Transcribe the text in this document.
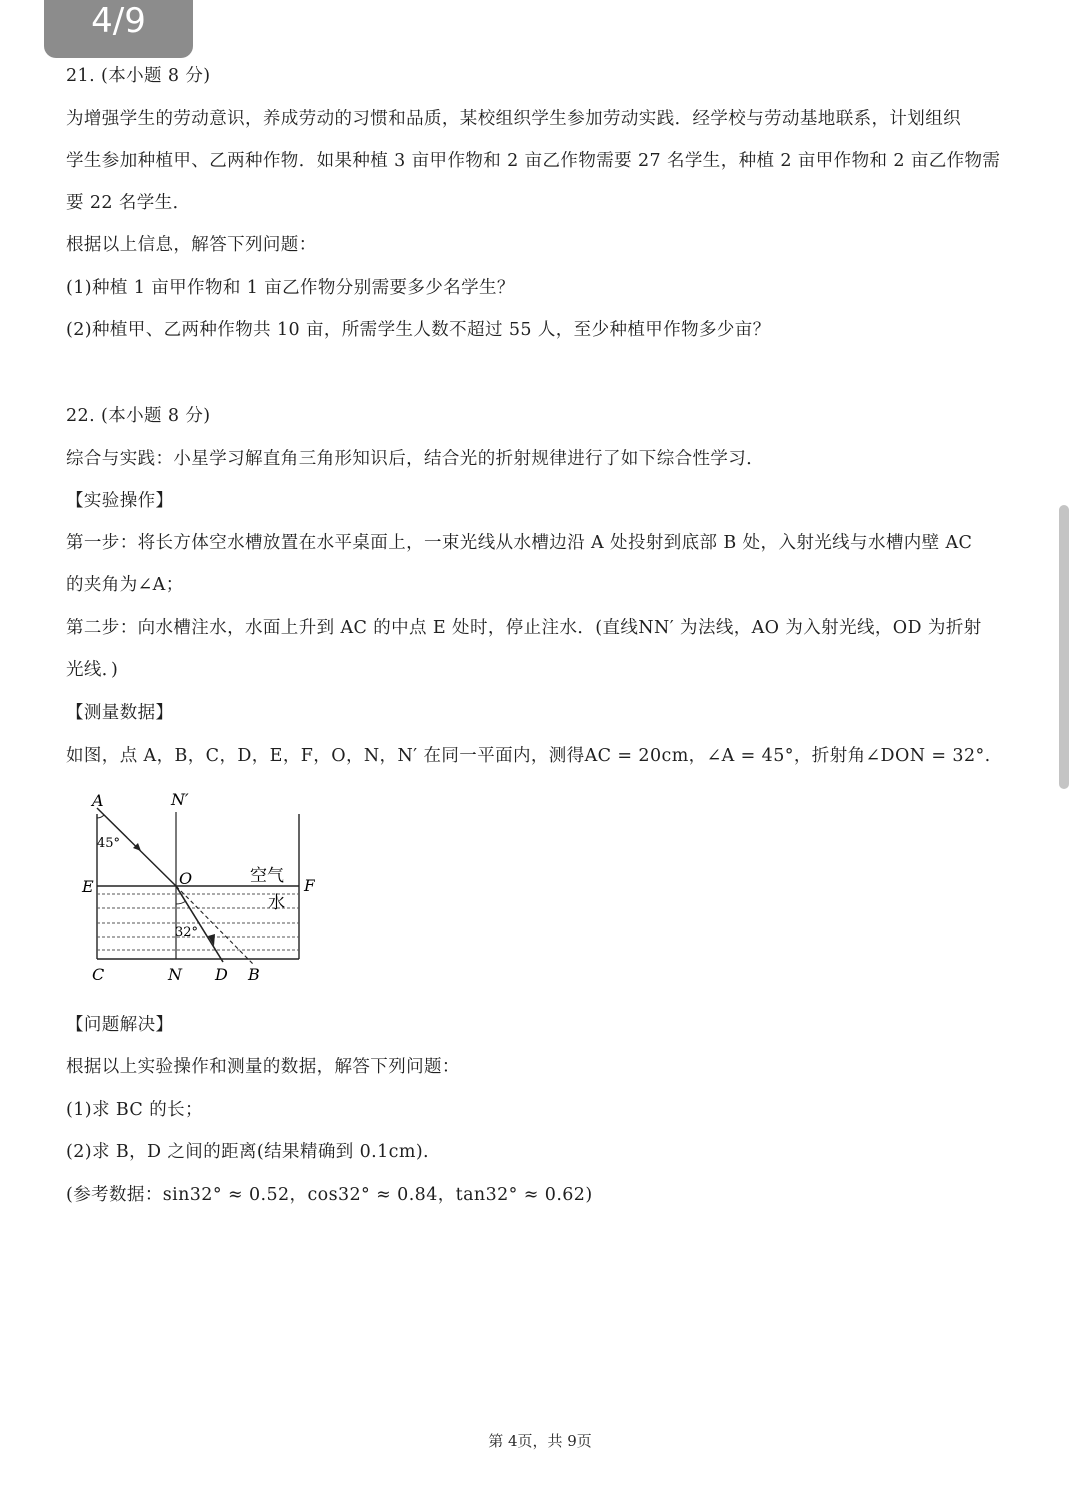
4/9
21. (本小题 8 分)
为增强学生的劳动意识，养成劳动的习惯和品质，某校组织学生参加劳动实践．经学校与劳动基地联系，计划组织
学生参加种植甲、乙两种作物．如果种植 3 亩甲作物和 2 亩乙作物需要 27 名学生，种植 2 亩甲作物和 2 亩乙作物需
要 22 名学生．
根据以上信息，解答下列问题：
(1)种植 1 亩甲作物和 1 亩乙作物分别需要多少名学生？
(2)种植甲、乙两种作物共 10 亩，所需学生人数不超过 55 人，至少种植甲作物多少亩？
22. (本小题 8 分)
综合与实践：小星学习解直角三角形知识后，结合光的折射规律进行了如下综合性学习．
【实验操作】
第一步：将长方体空水槽放置在水平桌面上，一束光线从水槽边沿 A 处投射到底部 B 处，入射光线与水槽内壁 AC
的夹角为∠A；
第二步：向水槽注水，水面上升到 AC 的中点 E 处时，停止注水．(直线NN′ 为法线，AO 为入射光线，OD 为折射
光线．)
【测量数据】
如图，点 A，B，C，D，E，F，O，N，N′ 在同一平面内，测得AC = 20cm，∠A = 45°，折射角∠DON = 32°.
A	N′
45°
E	O	空气 F
水
32°
C	N D B
【问题解决】
根据以上实验操作和测量的数据，解答下列问题：
(1)求 BC 的长；
(2)求 B，D 之间的距离(结果精确到 0.1cm).
(参考数据：sin32° ≈ 0.52，cos32° ≈ 0.84，tan32° ≈ 0.62)
第 4页，共 9页
